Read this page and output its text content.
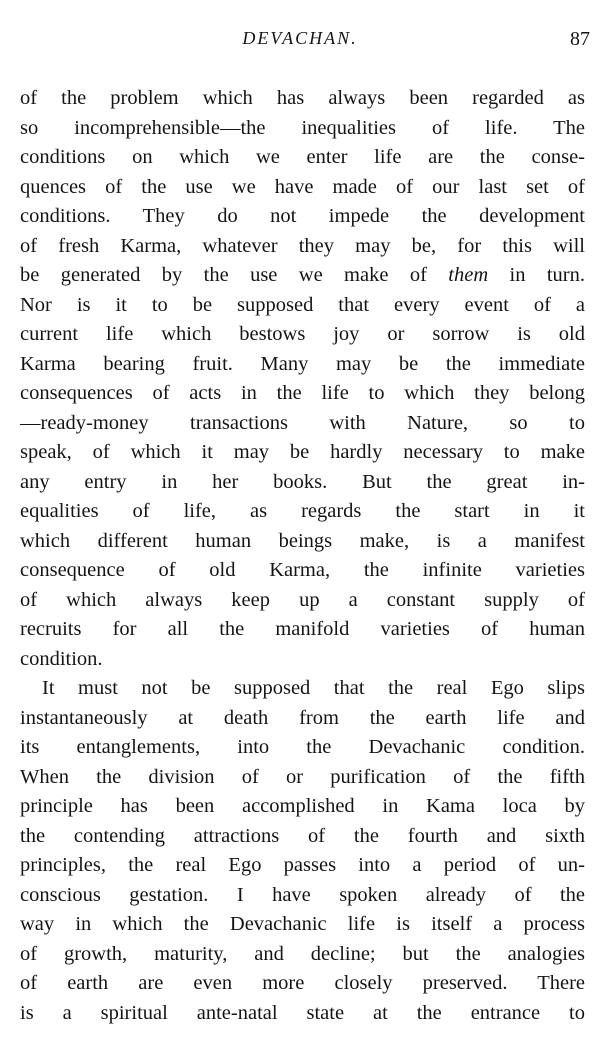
DEVACHAN.	87
of the problem which has always been regarded as
so incomprehensible—the inequalities of life. The
conditions on which we enter life are the conse-
quences of the use we have made of our last set of
conditions. They do not impede the development
of fresh Karma, whatever they may be, for this will
be generated by the use we make of them in turn.
Nor is it to be supposed that every event of a
current life which bestows joy or sorrow is old
Karma bearing fruit. Many may be the immediate
consequences of acts in the life to which they belong
—ready-money transactions with Nature, so to
speak, of which it may be hardly necessary to make
any entry in her books. But the great in-
equalities of life, as regards the start in it
which different human beings make, is a manifest
consequence of old Karma, the infinite varieties
of which always keep up a constant supply of
recruits for all the manifold varieties of human
condition.
It must not be supposed that the real Ego slips
instantaneously at death from the earth life and
its entanglements, into the Devachanic condition.
When the division of or purification of the fifth
principle has been accomplished in Kama loca by
the contending attractions of the fourth and sixth
principles, the real Ego passes into a period of un-
conscious gestation. I have spoken already of the
way in which the Devachanic life is itself a process
of growth, maturity, and decline; but the analogies
of earth are even more closely preserved. There
is a spiritual ante-natal state at the entrance to
